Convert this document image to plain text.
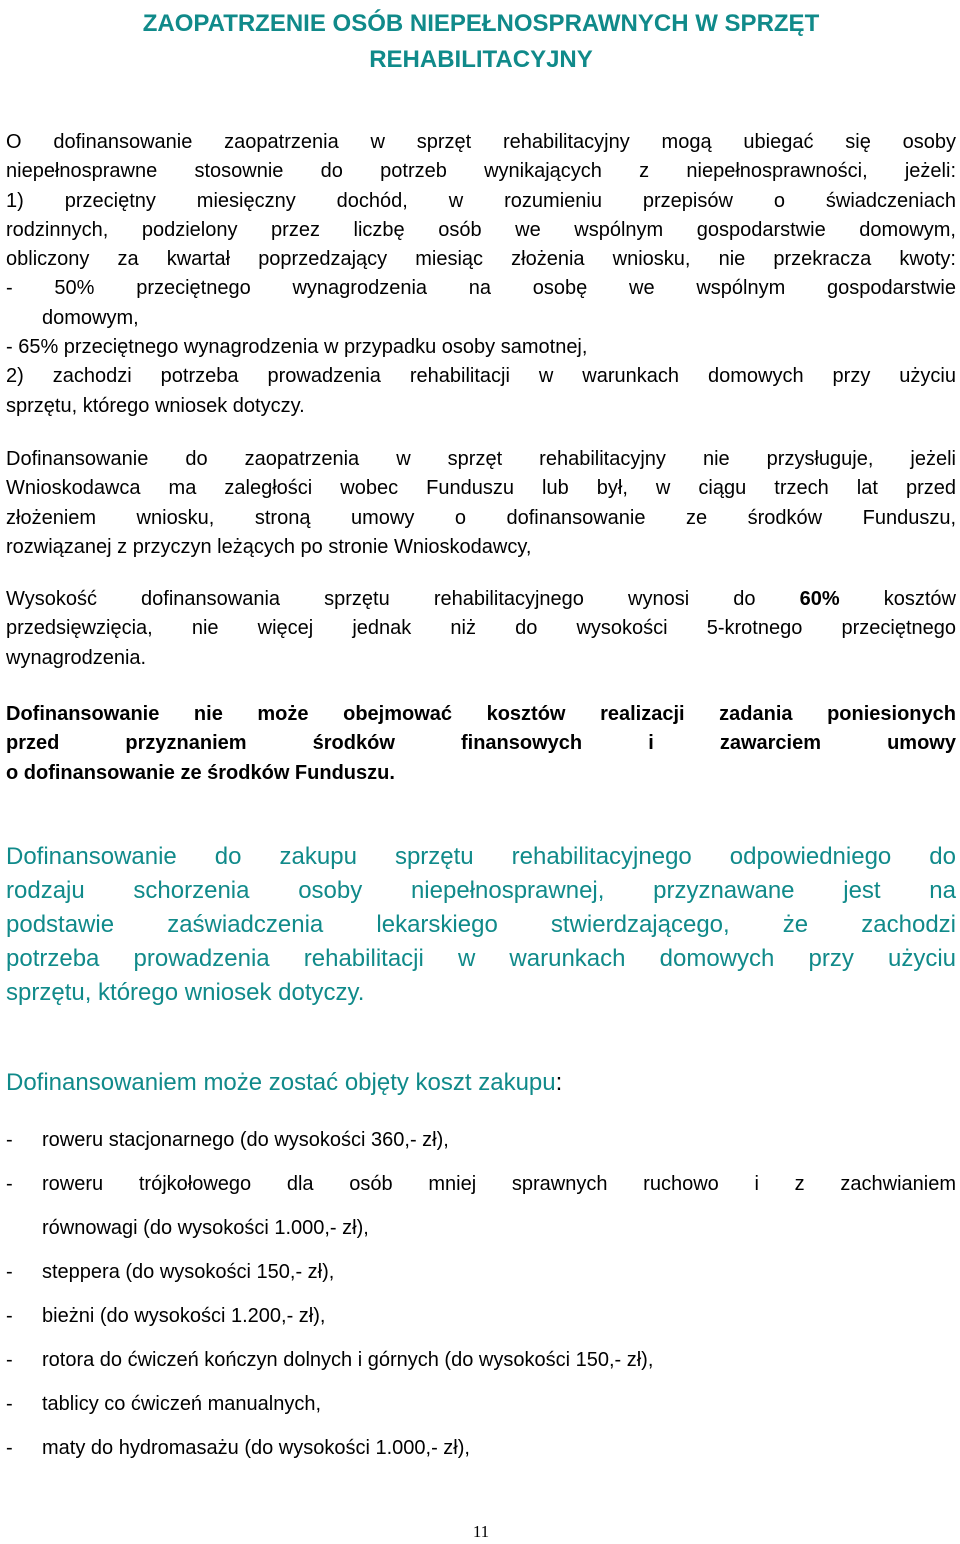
ZAOPATRZENIE OSÓB NIEPEŁNOSPRAWNYCH W SPRZĘT
REHABILITACYJNY
O dofinansowanie zaopatrzenia w sprzęt rehabilitacyjny mogą ubiegać się osoby
niepełnosprawne stosownie do potrzeb wynikających z niepełnosprawności, jeżeli:
1) przeciętny miesięczny dochód, w rozumieniu przepisów o świadczeniach
rodzinnych, podzielony przez liczbę osób we wspólnym gospodarstwie domowym,
obliczony za kwartał poprzedzający miesiąc złożenia wniosku, nie przekracza kwoty:
- 50% przeciętnego wynagrodzenia na osobę we wspólnym gospodarstwie
domowym,
- 65% przeciętnego wynagrodzenia w przypadku osoby samotnej,
2) zachodzi potrzeba prowadzenia rehabilitacji w warunkach domowych przy użyciu
sprzętu, którego wniosek dotyczy.
Dofinansowanie do zaopatrzenia w sprzęt rehabilitacyjny nie przysługuje, jeżeli
Wnioskodawca ma zaległości wobec Funduszu lub był, w ciągu trzech lat przed
złożeniem wniosku, stroną umowy o dofinansowanie ze środków Funduszu,
rozwiązanej z przyczyn leżących po stronie Wnioskodawcy,
Wysokość dofinansowania sprzętu rehabilitacyjnego wynosi do 60% kosztów
przedsięwzięcia, nie więcej jednak niż do wysokości 5-krotnego przeciętnego
wynagrodzenia.
Dofinansowanie nie może obejmować kosztów realizacji zadania poniesionych
przed przyznaniem środków finansowych i zawarciem umowy
o dofinansowanie ze środków Funduszu.
Dofinansowanie do zakupu sprzętu rehabilitacyjnego odpowiedniego do
rodzaju schorzenia osoby niepełnosprawnej, przyznawane jest na
podstawie zaświadczenia lekarskiego stwierdzającego, że zachodzi
potrzeba prowadzenia rehabilitacji w warunkach domowych przy użyciu
sprzętu, którego wniosek dotyczy.
Dofinansowaniem może zostać objęty koszt zakupu:
- roweru stacjonarnego (do wysokości 360,- zł),
- roweru trójkołowego dla osób mniej sprawnych ruchowo i z zachwianiem
równowagi (do wysokości 1.000,- zł),
- steppera (do wysokości 150,- zł),
- bieżni (do wysokości 1.200,- zł),
- rotora do ćwiczeń kończyn dolnych i górnych (do wysokości 150,- zł),
- tablicy co ćwiczeń manualnych,
- maty do hydromasażu (do wysokości 1.000,- zł),
11
